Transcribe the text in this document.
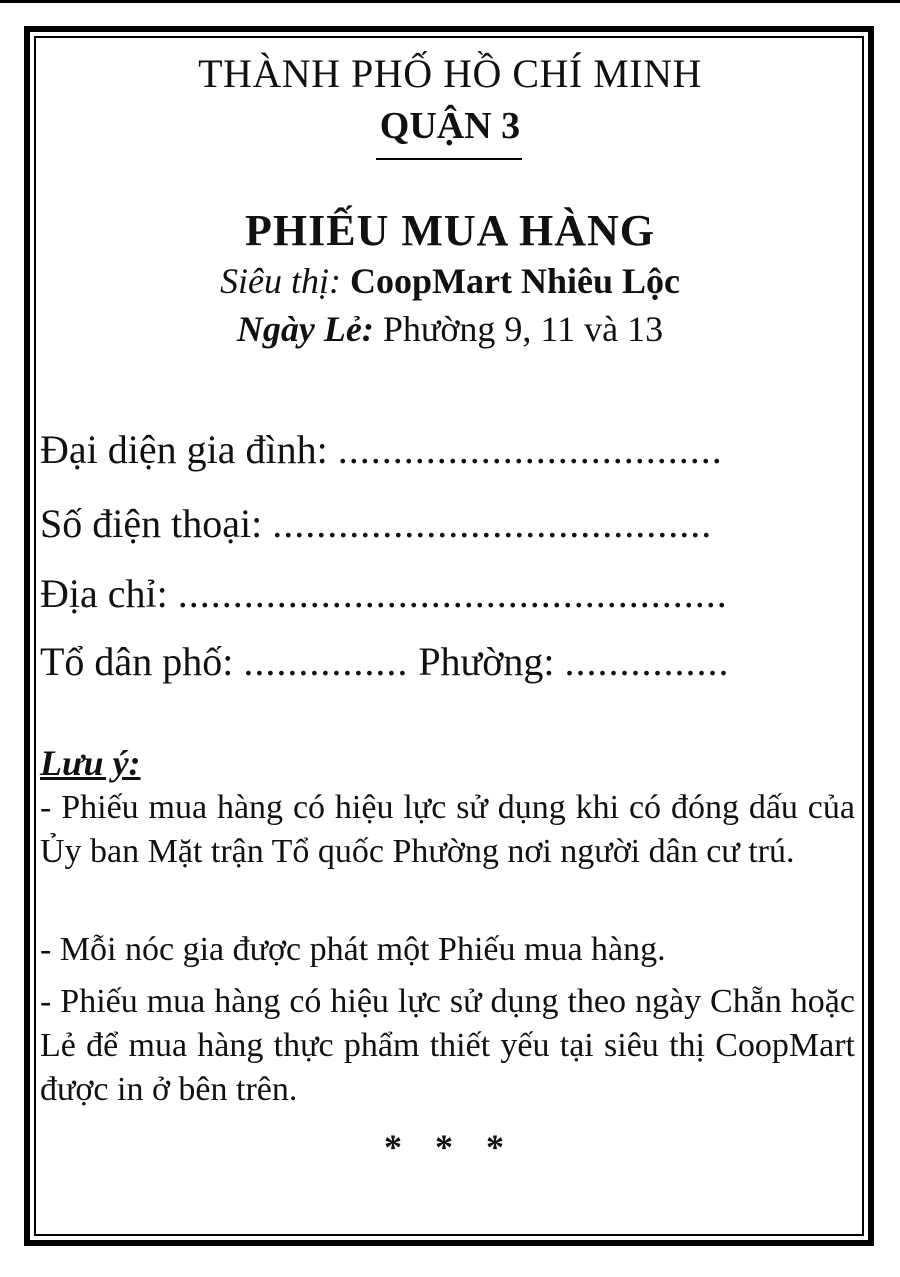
THÀNH PHỐ HỒ CHÍ MINH
QUẬN 3
PHIẾU MUA HÀNG
Siêu thị: CoopMart Nhiêu Lộc
Ngày Lẻ: Phường 9, 11 và 13
Đại diện gia đình: ...................................
Số điện thoại: ........................................
Địa chỉ: ..................................................
Tổ dân phố: ............... Phường: ...............
Lưu ý:
- Phiếu mua hàng có hiệu lực sử dụng khi có đóng dấu của Ủy ban Mặt trận Tổ quốc Phường nơi người dân cư trú.
- Mỗi nóc gia được phát một Phiếu mua hàng.
- Phiếu mua hàng có hiệu lực sử dụng theo ngày Chẵn hoặc Lẻ để mua hàng thực phẩm thiết yếu tại siêu thị CoopMart được in ở bên trên.
* * *
